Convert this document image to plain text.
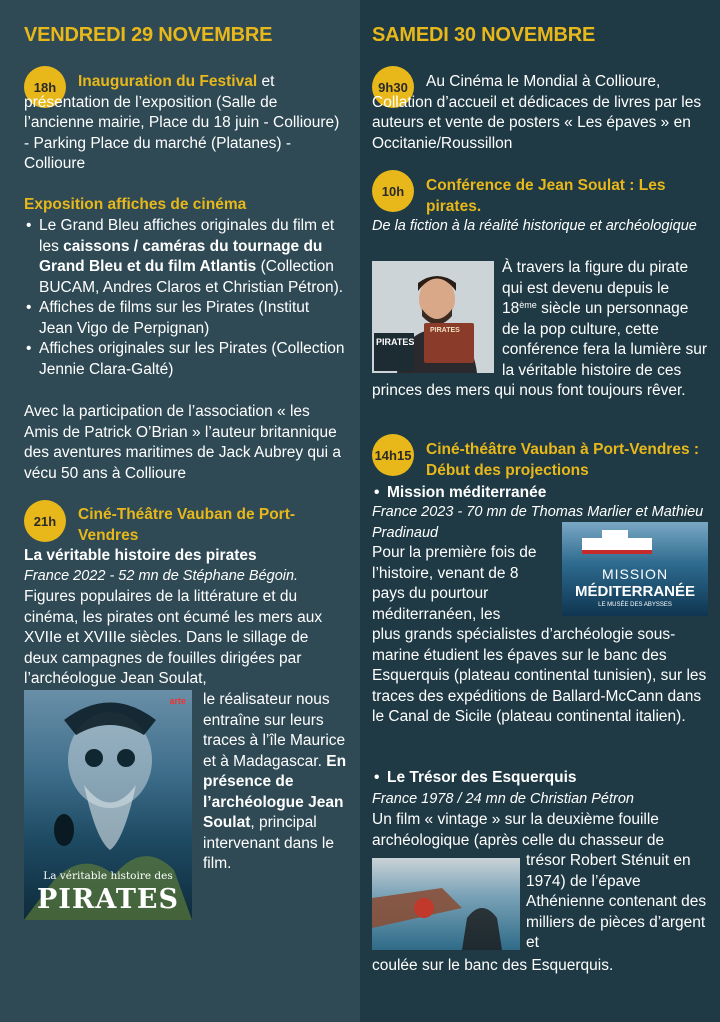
VENDREDI 29 NOVEMBRE
18h	Inauguration du Festival et présentation de l’exposition (Salle de l’ancienne mairie, Place du 18 juin - Collioure) - Parking Place du marché (Platanes) - Collioure
Exposition affiches de cinéma
• Le Grand Bleu affiches originales du film et les caissons / caméras du tournage du Grand Bleu et du film Atlantis (Collection BUCAM, Andres Claros et Christian Pétron).
• Affiches de films sur les Pirates (Institut Jean Vigo de Perpignan)
• Affiches originales sur les Pirates (Collection Jennie Clara-Galté)
Avec la participation de l’association « les Amis de Patrick O’Brian » l’auteur britannique des aventures maritimes de Jack Aubrey qui a vécu 50 ans à Collioure
21h	Ciné-Théâtre Vauban de Port-Vendres
La véritable histoire des pirates
France 2022 - 52 mn de Stéphane Bégoin.
Figures populaires de la littérature et du cinéma, les pirates ont écumé les mers aux XVIIe et XVIIIe siècles. Dans le sillage de deux campagnes de fouilles dirigées par l’archéologue Jean Soulat,
arte
La véritable histoire des
PIRATES
le réalisateur nous entraîne sur leurs traces à l’île Maurice et à Madagascar. En présence de l’archéologue Jean Soulat, principal intervenant dans le film.
SAMEDI 30 NOVEMBRE
9h30	Au Cinéma le Mondial à Collioure, Collation d’accueil et dédicaces de livres par les auteurs et vente de posters « Les épaves » en Occitanie/Roussillon
10h	Conférence de Jean Soulat : Les pirates.
De la fiction à la réalité historique et archéologique
PIRATES
PIRATES
À travers la figure du pirate qui est devenu depuis le 18ème siècle un personnage de la pop culture, cette conférence fera la lumière sur la véritable histoire de ces princes des mers qui nous font toujours rêver.
14h15 Ciné-théâtre Vauban à Port-Vendres : Début des projections
• Mission méditerranée
France 2023 - 70 mn de Thomas Marlier et Mathieu Pradinaud
MISSION
MÉDITERRANÉE
LE MUSÉE DES ABYSSES
Pour la première fois de l’histoire, venant de 8 pays du pourtour méditerranéen, les
plus grands spécialistes d’archéologie sous-marine étudient les épaves sur le banc des Esquerquis (plateau continental tunisien), sur les traces des expéditions de Ballard-McCann dans le Canal de Sicile (plateau continental italien).
• Le Trésor des Esquerquis
France 1978 / 24 mn de Christian Pétron
Un film « vintage » sur la deuxième fouille archéologique (après celle du chasseur de
trésor Robert Sténuit en 1974) de l’épave Athénienne contenant des milliers de pièces d’argent et
coulée sur le banc des Esquerquis.
